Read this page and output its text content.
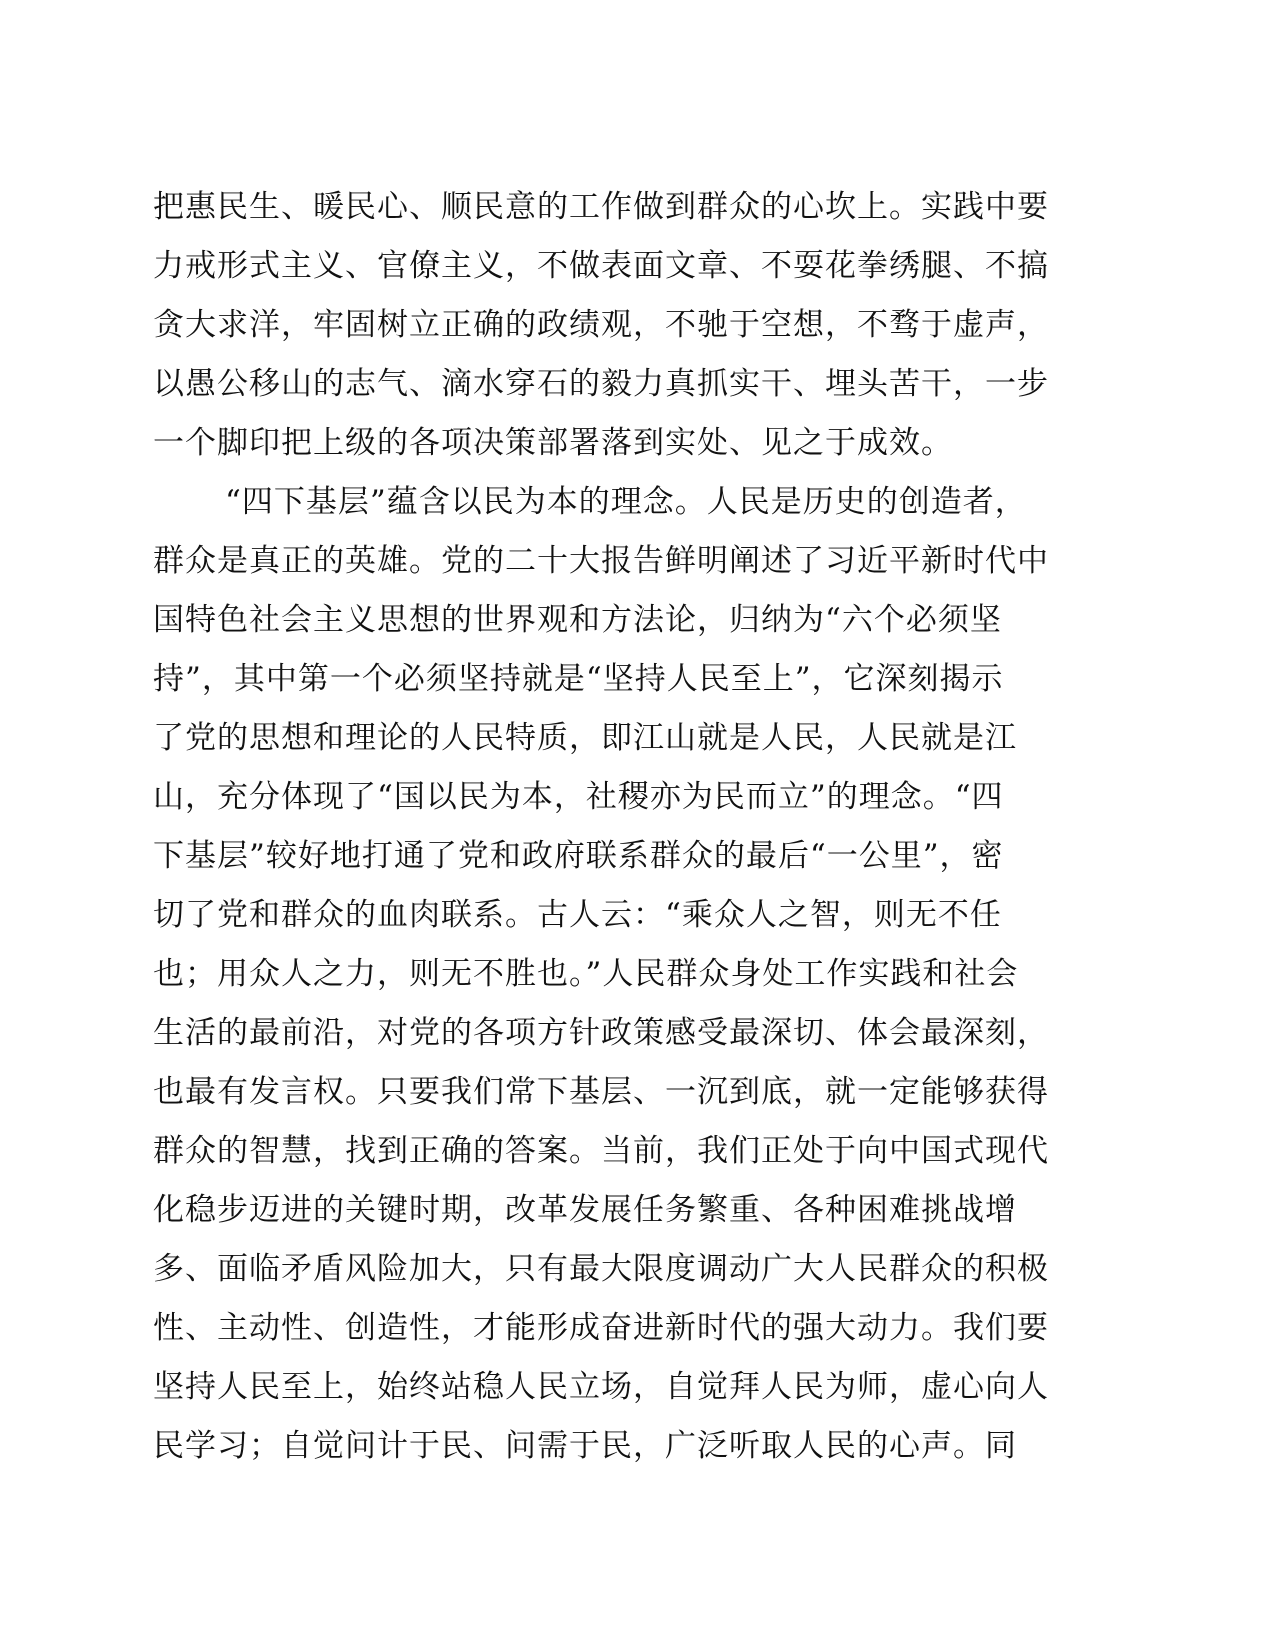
把惠民生、暖民心、顺民意的工作做到群众的心坎上。实践中要
力戒形式主义、官僚主义，不做表面文章、不耍花拳绣腿、不搞
贪大求洋，牢固树立正确的政绩观，不驰于空想，不骛于虚声，
以愚公移山的志气、滴水穿石的毅力真抓实干、埋头苦干，一步
一个脚印把上级的各项决策部署落到实处、见之于成效。
“四下基层”蕴含以民为本的理念。人民是历史的创造者，
群众是真正的英雄。党的二十大报告鲜明阐述了习近平新时代中
国特色社会主义思想的世界观和方法论，归纳为“六个必须坚
持”，其中第一个必须坚持就是“坚持人民至上”，它深刻揭示
了党的思想和理论的人民特质，即江山就是人民，人民就是江
山，充分体现了“国以民为本，社稷亦为民而立”的理念。“四
下基层”较好地打通了党和政府联系群众的最后“一公里”，密
切了党和群众的血肉联系。古人云：“乘众人之智，则无不任
也；用众人之力，则无不胜也。”人民群众身处工作实践和社会
生活的最前沿，对党的各项方针政策感受最深切、体会最深刻，
也最有发言权。只要我们常下基层、一沉到底，就一定能够获得
群众的智慧，找到正确的答案。当前，我们正处于向中国式现代
化稳步迈进的关键时期，改革发展任务繁重、各种困难挑战增
多、面临矛盾风险加大，只有最大限度调动广大人民群众的积极
性、主动性、创造性，才能形成奋进新时代的强大动力。我们要
坚持人民至上，始终站稳人民立场，自觉拜人民为师，虚心向人
民学习；自觉问计于民、问需于民，广泛听取人民的心声。同
